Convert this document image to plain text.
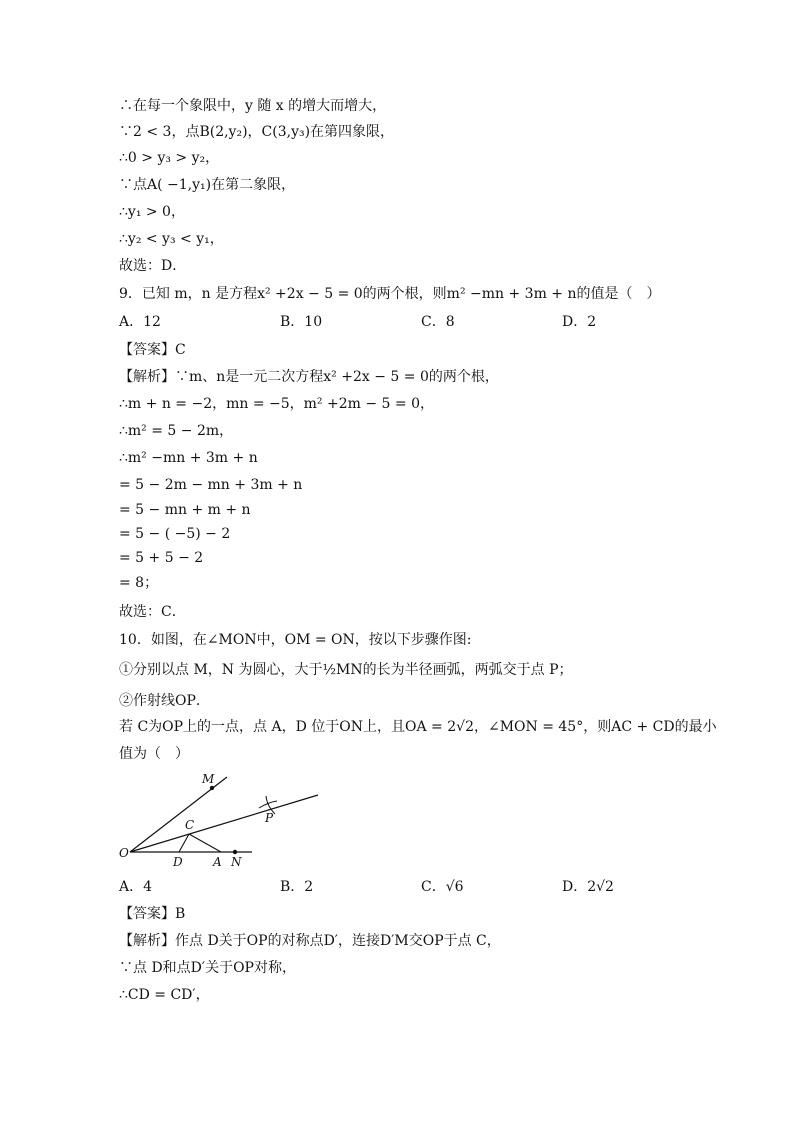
∴在每一个象限中，y 随 x 的增大而增大，
∵2 < 3，点B(2,y₂)，C(3,y₃)在第四象限，
∴0 > y₃ > y₂，
∵点A( −1,y₁)在第二象限，
∴y₁ > 0，
∴y₂ < y₃ < y₁，
故选：D．
9．已知 m，n 是方程x² +2x − 5 = 0的两个根，则m² −mn + 3m + n的值是（　）
A．12	B．10	C．8	D．2
【答案】C
【解析】∵m、n是一元二次方程x² +2x − 5 = 0的两个根，
∴m + n = −2，mn = −5，m² +2m − 5 = 0，
∴m² = 5 − 2m，
∴m² −mn + 3m + n
= 5 − 2m − mn + 3m + n
= 5 − mn + m + n
= 5 − ( −5) − 2
= 5 + 5 − 2
= 8；
故选：C．
10．如图，在∠MON中，OM = ON，按以下步骤作图:
①分别以点 M，N 为圆心，大于½MN的长为半径画弧，两弧交于点 P；
②作射线OP．
若 C为OP上的一点，点 A，D 位于ON上，且OA = 2√2，∠MON = 45°，则AC + CD的最小
值为（　）
M
C	P
O
D	A N
A．4	B．2	C．√6	D．2√2
【答案】B
【解析】作点 D关于OP的对称点D′，连接D′M交OP于点 C，
∵点 D和点D′关于OP对称，
∴CD = CD′，
